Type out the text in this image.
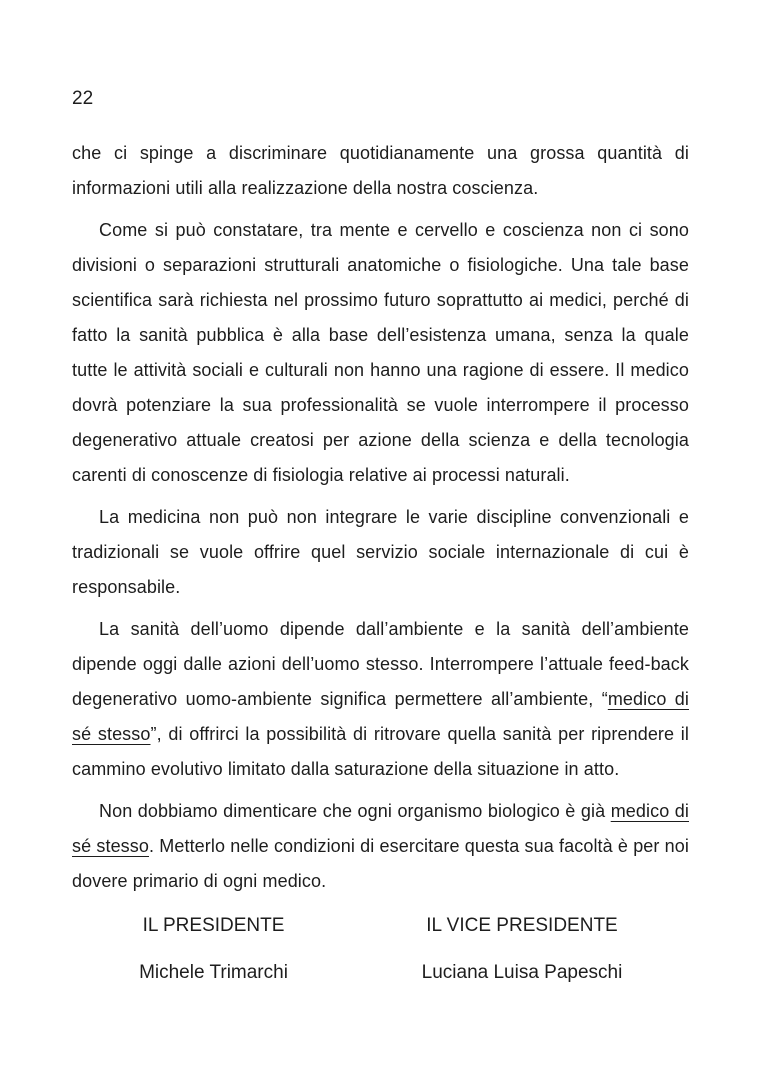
22

che ci spinge a discriminare quotidianamente una grossa quantità di informazioni utili alla realizzazione della nostra coscienza.

Come si può constatare, tra mente e cervello e coscienza non ci sono divisioni o separazioni strutturali anatomiche o fisiologiche. Una tale base scientifica sarà richiesta nel prossimo futuro soprattutto ai medici, perché di fatto la sanità pubblica è alla base dell’esistenza umana, senza la quale tutte le attività sociali e culturali non hanno una ragione di essere. Il medico dovrà potenziare la sua professionalità se vuole interrompere il processo degenerativo attuale creatosi per azione della scienza e della tecnologia carenti di conoscenze di fisiologia relative ai processi naturali.

La medicina non può non integrare le varie discipline convenzionali e tradizionali se vuole offrire quel servizio sociale internazionale di cui è responsabile.

La sanità dell’uomo dipende dall’ambiente e la sanità dell’ambiente dipende oggi dalle azioni dell’uomo stesso. Interrompere l’attuale feed-back degenerativo uomo-ambiente significa permettere all’ambiente, “medico di sé stesso”, di offrirci la possibilità di ritrovare quella sanità per riprendere il cammino evolutivo limitato dalla saturazione della situazione in atto.

Non dobbiamo dimenticare che ogni organismo biologico è già medico di sé stesso. Metterlo nelle condizioni di esercitare questa sua facoltà è per noi dovere primario di ogni medico.

IL PRESIDENTE
Michele Trimarchi
IL VICE PRESIDENTE
Luciana Luisa Papeschi
